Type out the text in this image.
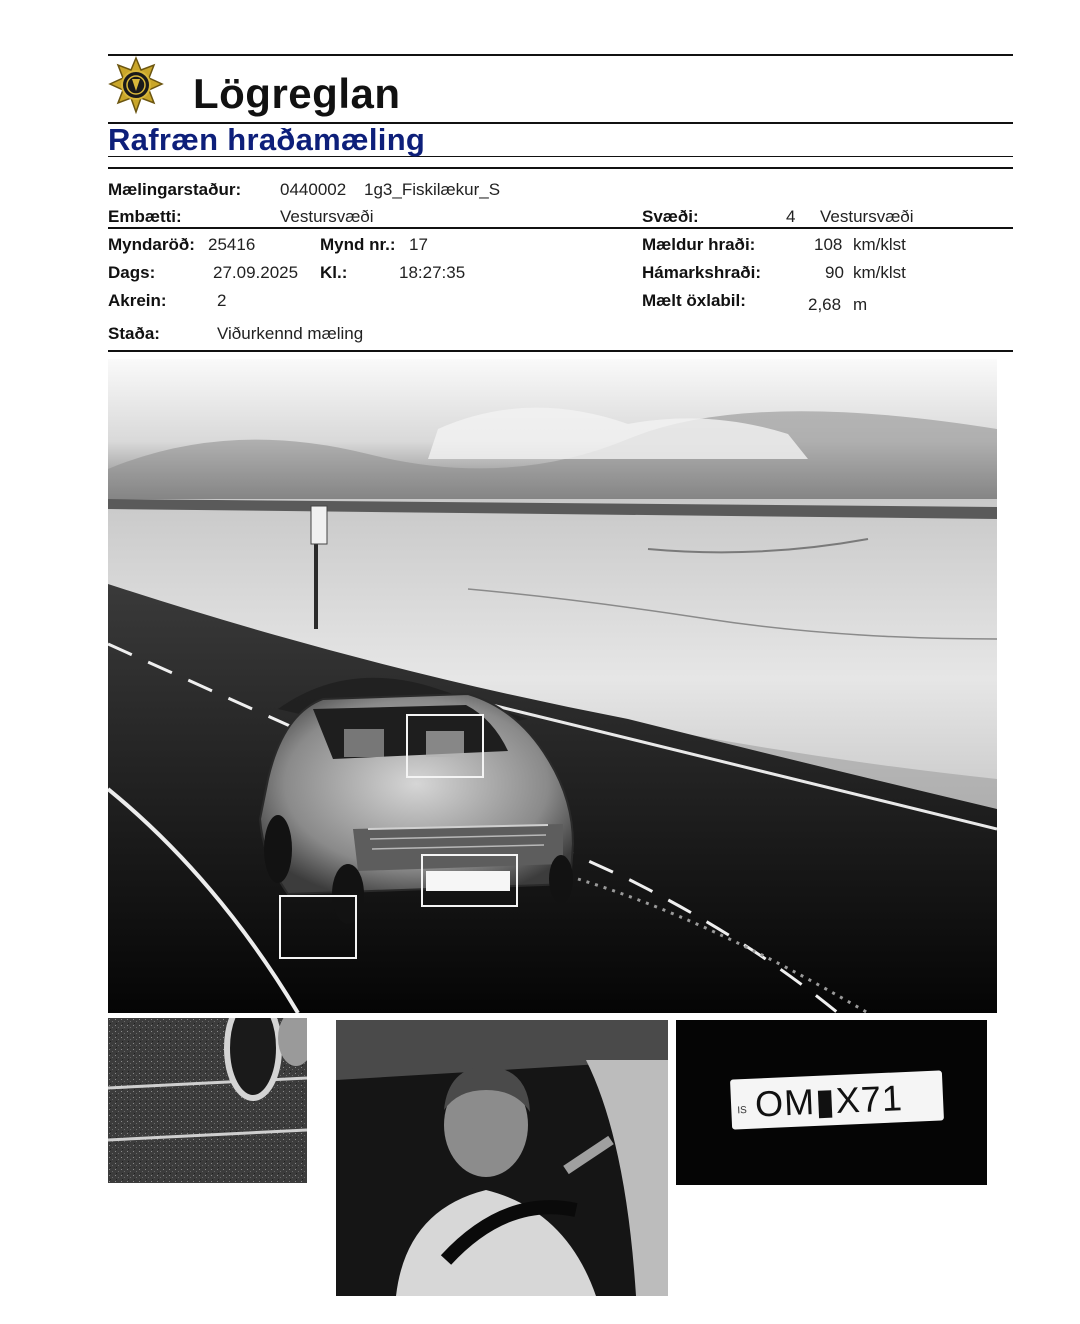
Lögreglan
Rafræn hraðamæling
Mælingarstaður: 0440002 1g3_Fiskilækur_S
Embætti:	Vestursvæði	Svæði:	4 Vestursvæði
Myndaröð: 25416	Mynd nr.: 17	Mældur hraði:	108 km/klst
Dags:	27.09.2025 Kl.:	18:27:35	Hámarkshraði:	90 km/klst
Akrein:	2	Mælt öxlabil:	2,68 m
Staða:	Viðurkennd mæling
IS OM▮X71
